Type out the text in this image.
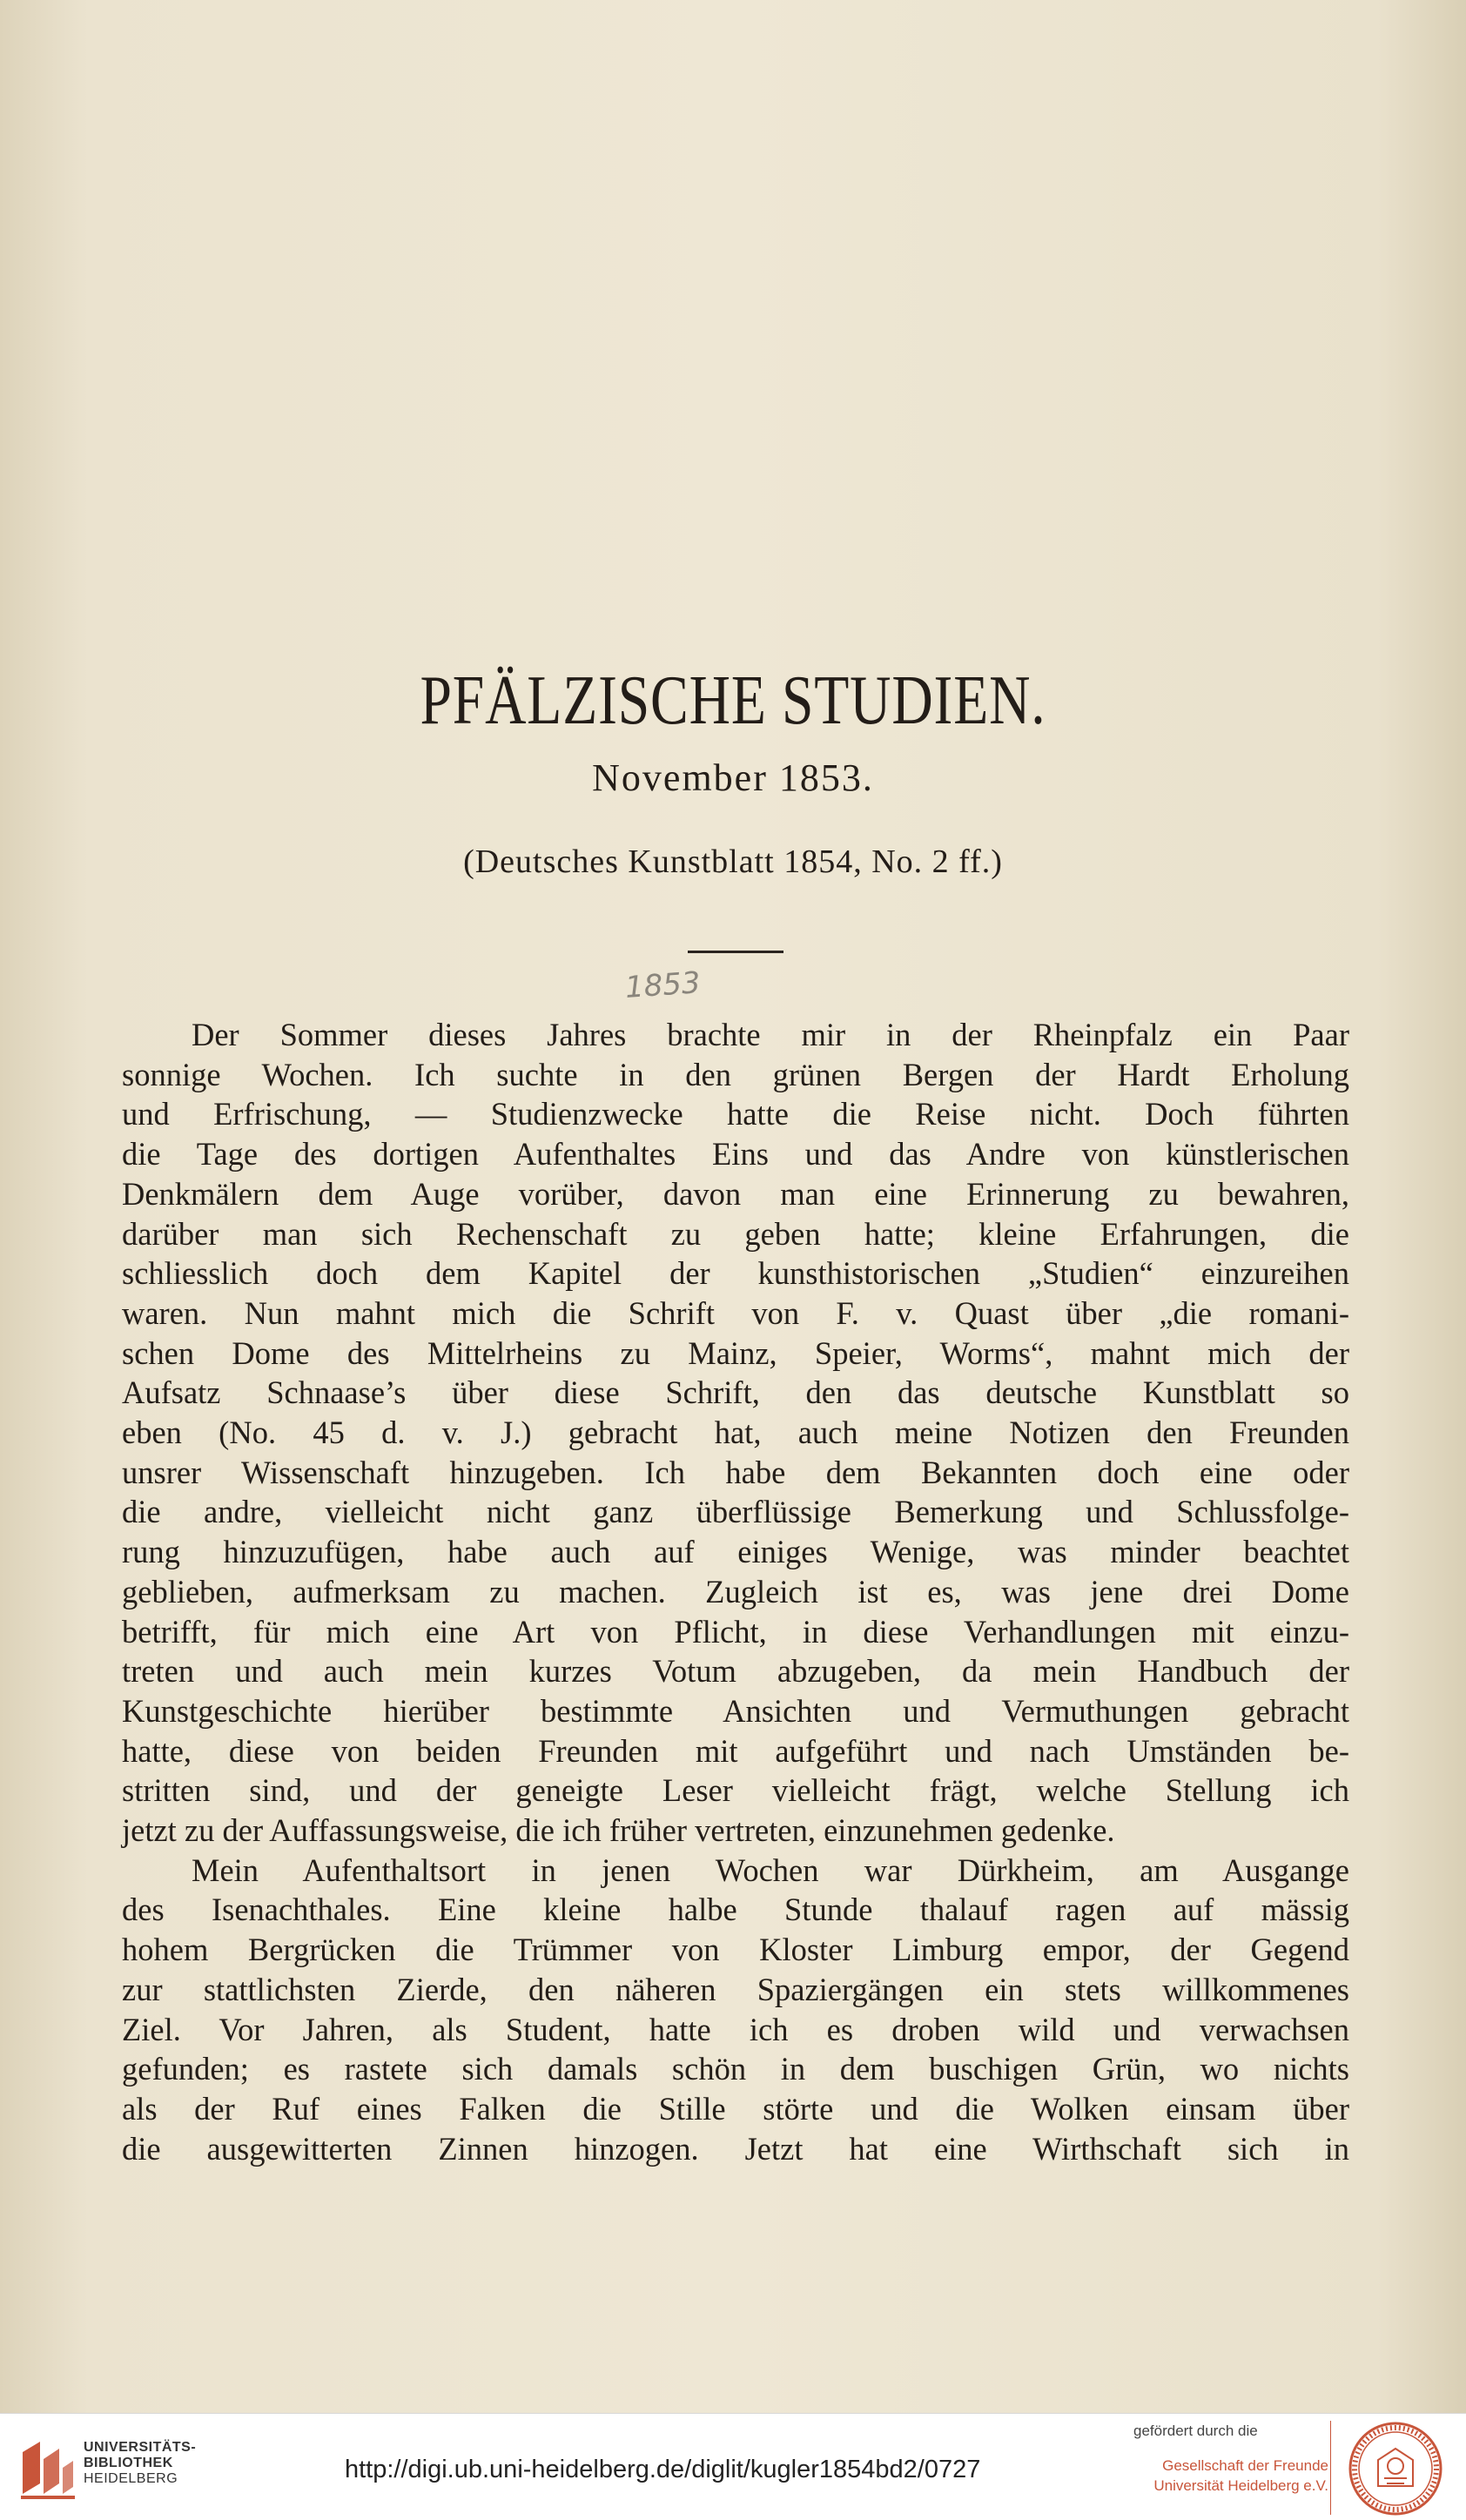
PFÄLZISCHE STUDIEN.
November 1853.
(Deutsches Kunstblatt 1854, No. 2 ff.)
1853
Der Sommer dieses Jahres brachte mir in der Rheinpfalz ein Paar
sonnige Wochen. Ich suchte in den grünen Bergen der Hardt Erholung
und Erfrischung, — Studienzwecke hatte die Reise nicht. Doch führten
die Tage des dortigen Aufenthaltes Eins und das Andre von künstlerischen
Denkmälern dem Auge vorüber, davon man eine Erinnerung zu bewahren,
darüber man sich Rechenschaft zu geben hatte; kleine Erfahrungen, die
schliesslich doch dem Kapitel der kunsthistorischen „Studien“ einzureihen
waren. Nun mahnt mich die Schrift von F. v. Quast über „die romani-
schen Dome des Mittelrheins zu Mainz, Speier, Worms“, mahnt mich der
Aufsatz Schnaase’s über diese Schrift, den das deutsche Kunstblatt so
eben (No. 45 d. v. J.) gebracht hat, auch meine Notizen den Freunden
unsrer Wissenschaft hinzugeben. Ich habe dem Bekannten doch eine oder
die andre, vielleicht nicht ganz überflüssige Bemerkung und Schlussfolge-
rung hinzuzufügen, habe auch auf einiges Wenige, was minder beachtet
geblieben, aufmerksam zu machen. Zugleich ist es, was jene drei Dome
betrifft, für mich eine Art von Pflicht, in diese Verhandlungen mit einzu-
treten und auch mein kurzes Votum abzugeben, da mein Handbuch der
Kunstgeschichte hierüber bestimmte Ansichten und Vermuthungen gebracht
hatte, diese von beiden Freunden mit aufgeführt und nach Umständen be-
stritten sind, und der geneigte Leser vielleicht frägt, welche Stellung ich
jetzt zu der Auffassungsweise, die ich früher vertreten, einzunehmen gedenke.
Mein Aufenthaltsort in jenen Wochen war Dürkheim, am Ausgange
des Isenachthales. Eine kleine halbe Stunde thalauf ragen auf mässig
hohem Bergrücken die Trümmer von Kloster Limburg empor, der Gegend
zur stattlichsten Zierde, den näheren Spaziergängen ein stets willkommenes
Ziel. Vor Jahren, als Student, hatte ich es droben wild und verwachsen
gefunden; es rastete sich damals schön in dem buschigen Grün, wo nichts
als der Ruf eines Falken die Stille störte und die Wolken einsam über
die ausgewitterten Zinnen hinzogen. Jetzt hat eine Wirthschaft sich in
UNIVERSITÄTS-
BIBLIOTHEK
HEIDELBERG	http://digi.ub.uni-heidelberg.de/diglit/kugler1854bd2/0727
gefördert durch die
Gesellschaft der Freunde
Universität Heidelberg e.V.
